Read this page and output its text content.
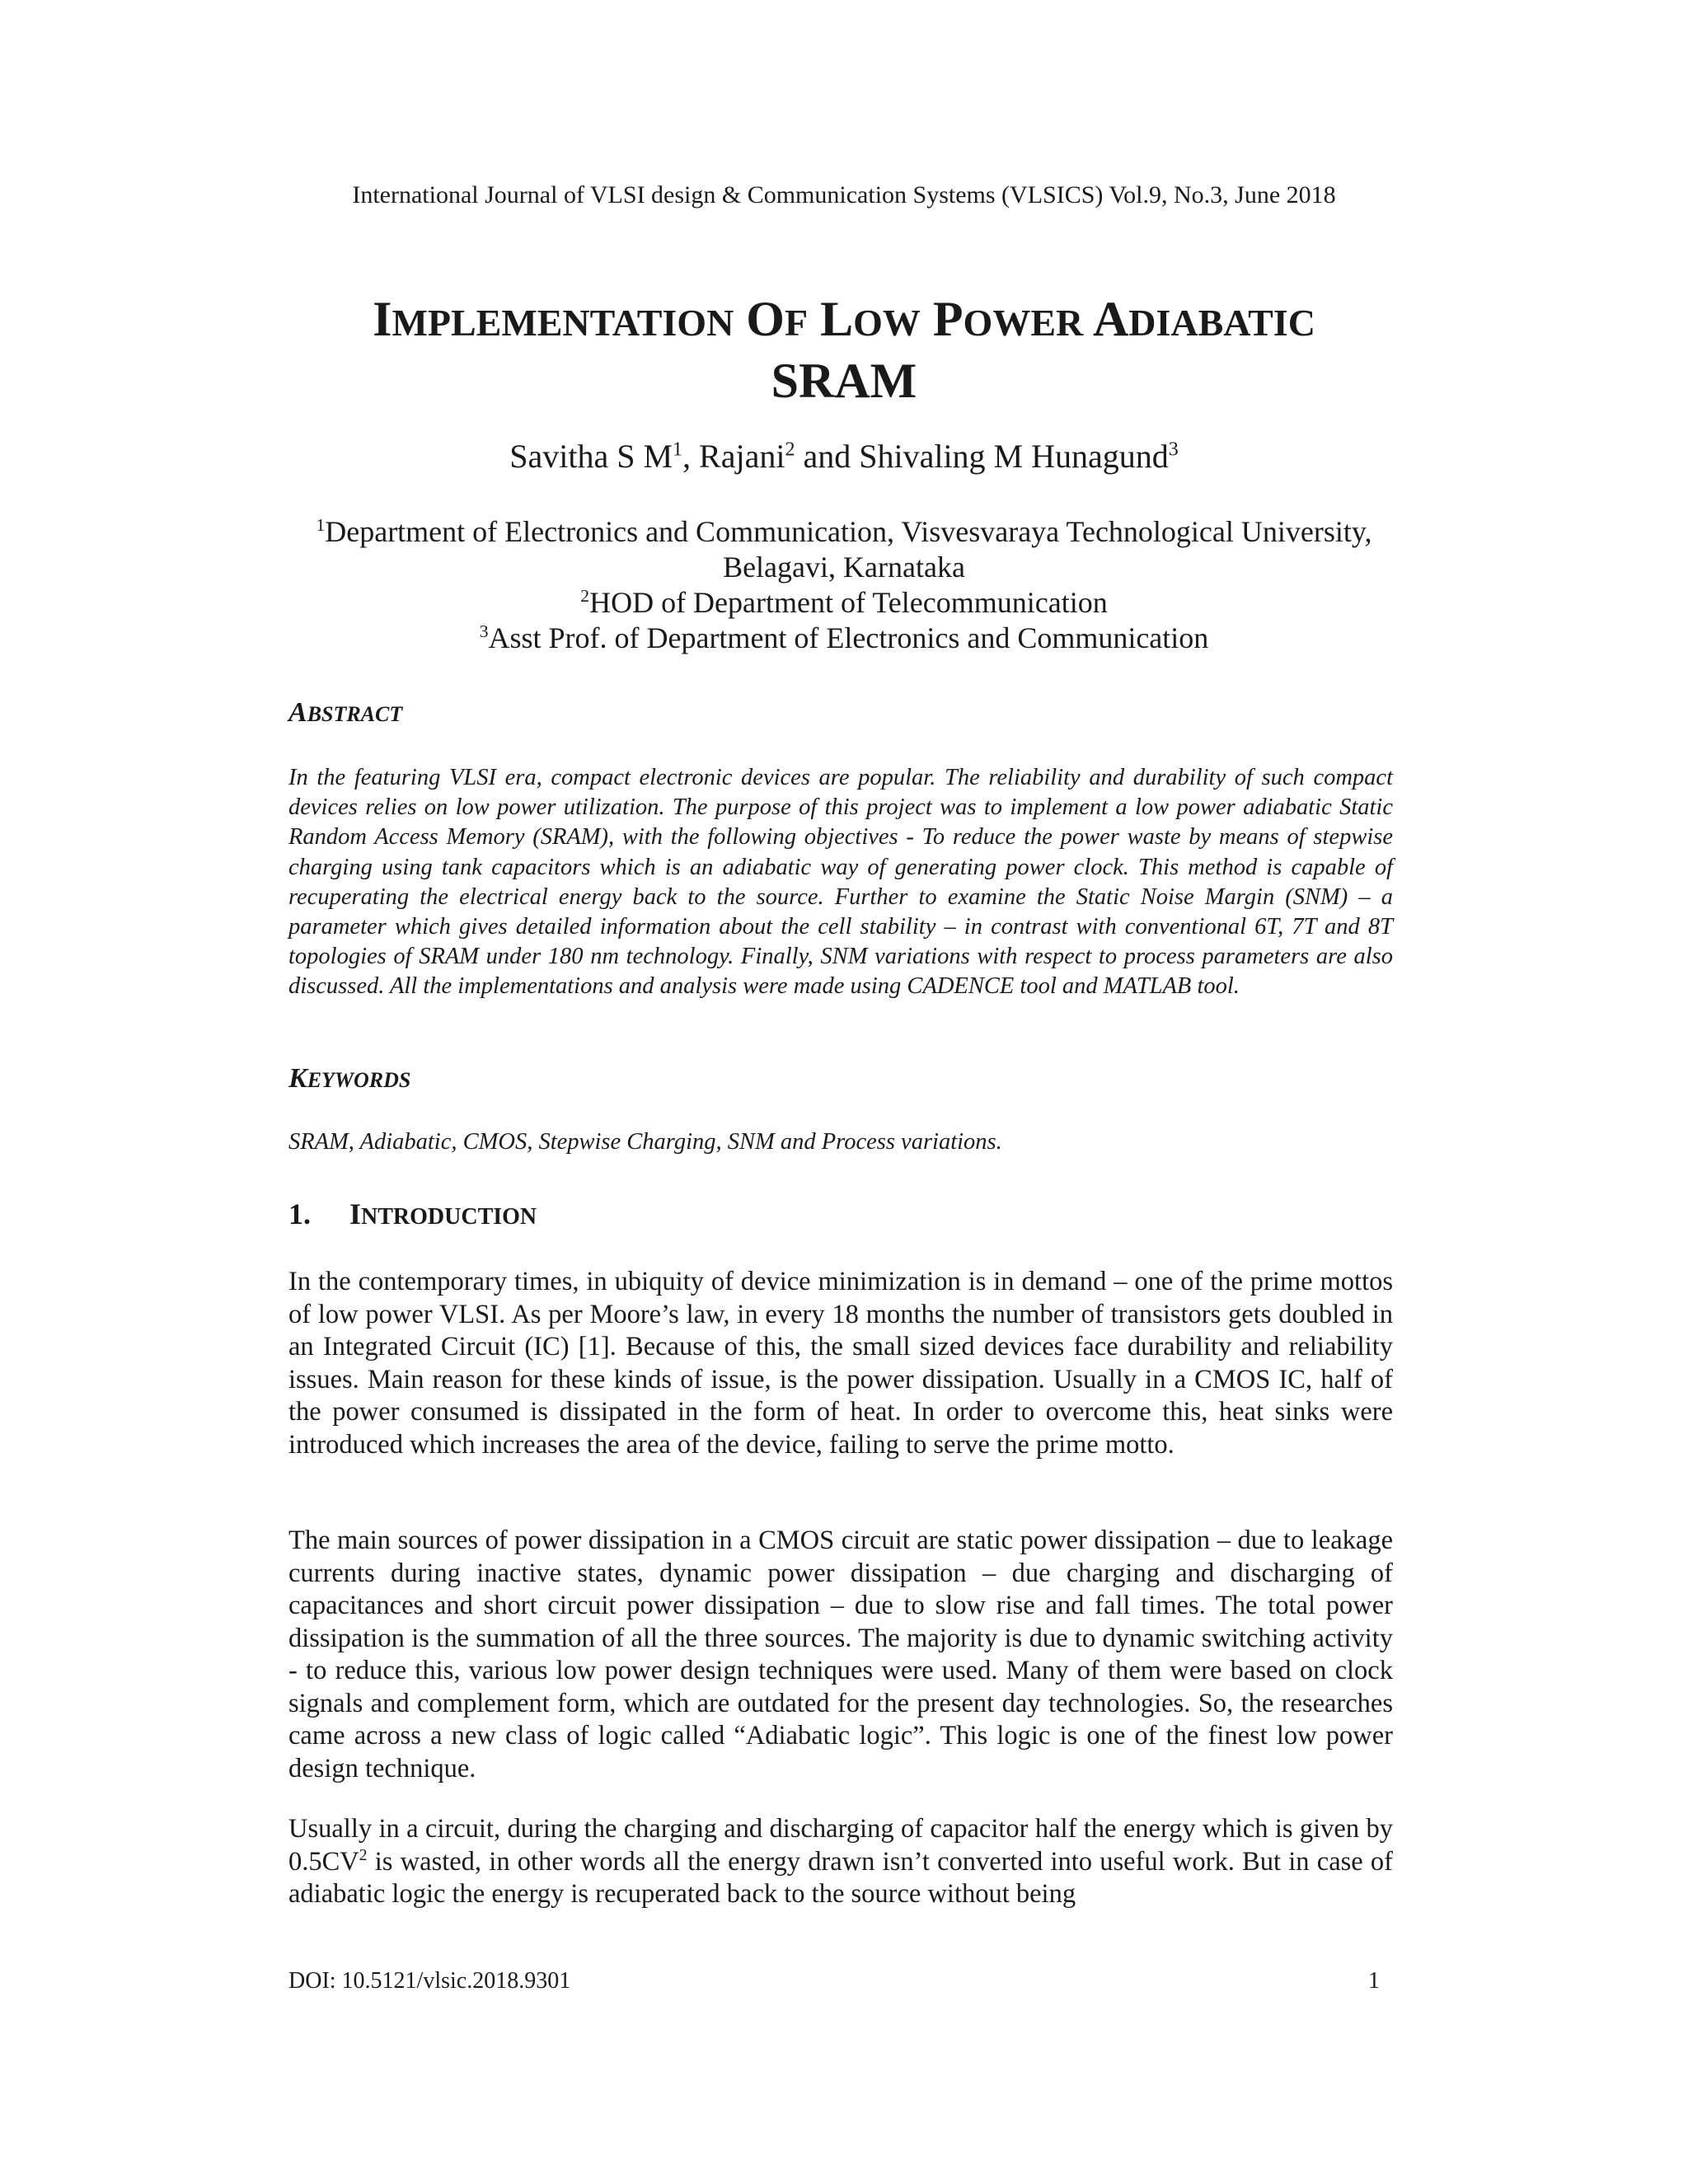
International Journal of VLSI design & Communication Systems (VLSICS) Vol.9, No.3, June 2018
IMPLEMENTATION OF LOW POWER ADIABATIC
SRAM
Savitha S $M^1$, Rajani$^2$ and Shivaling M Hunagund$^3$
$^1$Department of Electronics and Communication, Visvesvaraya Technological University,
Belagavi, Karnataka
$^2$HOD of Department of Telecommunication
$^3$Asst Prof. of Department of Electronics and Communication
ABSTRACT
In the featuring VLSI era, compact electronic devices are popular. The reliability and durability of such compact devices relies on low power utilization. The purpose of this project was to implement a low power adiabatic Static Random Access Memory (SRAM), with the following objectives - To reduce the power waste by means of stepwise charging using tank capacitors which is an adiabatic way of generating power clock. This method is capable of recuperating the electrical energy back to the source. Further to examine the Static Noise Margin (SNM) – a parameter which gives detailed information about the cell stability – in contrast with conventional 6T, 7T and 8T topologies of SRAM under 180 nm technology. Finally, SNM variations with respect to process parameters are also discussed. All the implementations and analysis were made using CADENCE tool and MATLAB tool.
KEYWORDS
SRAM, Adiabatic, CMOS, Stepwise Charging, SNM and Process variations.
1. INTRODUCTION
In the contemporary times, in ubiquity of device minimization is in demand – one of the prime mottos of low power VLSI. As per Moore’s law, in every 18 months the number of transistors gets doubled in an Integrated Circuit (IC) [1]. Because of this, the small sized devices face durability and reliability issues. Main reason for these kinds of issue, is the power dissipation. Usually in a CMOS IC, half of the power consumed is dissipated in the form of heat. In order to overcome this, heat sinks were introduced which increases the area of the device, failing to serve the prime motto.
The main sources of power dissipation in a CMOS circuit are static power dissipation – due to leakage currents during inactive states, dynamic power dissipation – due charging and discharging of capacitances and short circuit power dissipation – due to slow rise and fall times. The total power dissipation is the summation of all the three sources. The majority is due to dynamic switching activity - to reduce this, various low power design techniques were used. Many of them were based on clock signals and complement form, which are outdated for the present day technologies. So, the researches came across a new class of logic called “Adiabatic logic”. This logic is one of the finest low power design technique.
Usually in a circuit, during the charging and discharging of capacitor half the energy which is given by $0.5CV^2$ is wasted, in other words all the energy drawn isn’t converted into useful work. But in case of adiabatic logic the energy is recuperated back to the source without being
DOI: 10.5121/vlsic.2018.9301	1
